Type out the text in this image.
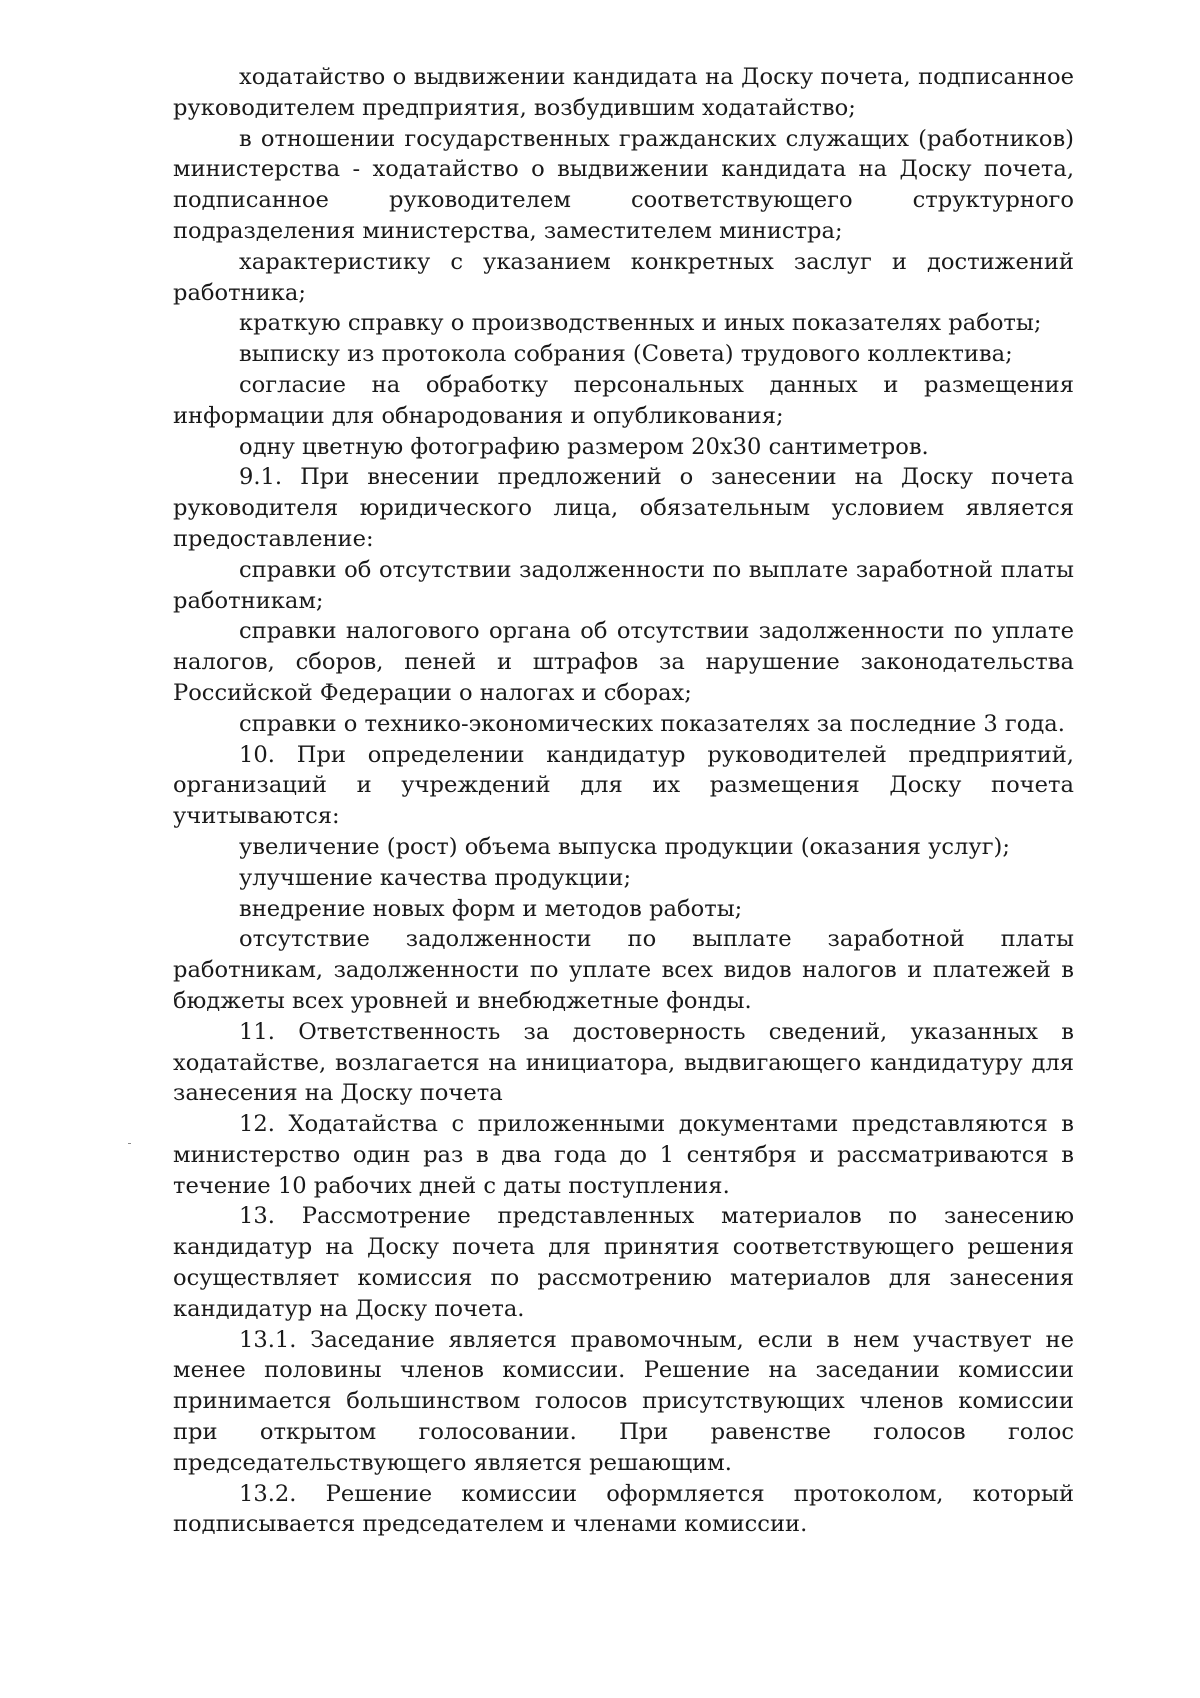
ходатайство о выдвижении кандидата на Доску почета, подписанное руководителем предприятия, возбудившим ходатайство;

в отношении государственных гражданских служащих (работников) министерства - ходатайство о выдвижении кандидата на Доску почета, подписанное руководителем соответствующего структурного подразделения министерства, заместителем министра;

характеристику с указанием конкретных заслуг и достижений работника;

краткую справку о производственных и иных показателях работы;

выписку из протокола собрания (Совета) трудового коллектива;

согласие на обработку персональных данных и размещения информации для обнародования и опубликования;

одну цветную фотографию размером 20х30 сантиметров.

9.1. При внесении предложений о занесении на Доску почета руководителя юридического лица, обязательным условием является предоставление:

справки об отсутствии задолженности по выплате заработной платы работникам;

справки налогового органа об отсутствии задолженности по уплате налогов, сборов, пеней и штрафов за нарушение законодательства Российской Федерации о налогах и сборах;

справки о технико-экономических показателях за последние 3 года.

10. При определении кандидатур руководителей предприятий, организаций и учреждений для их размещения Доску почета учитываются:

увеличение (рост) объема выпуска продукции (оказания услуг);

улучшение качества продукции;

внедрение новых форм и методов работы;

отсутствие задолженности по выплате заработной платы работникам, задолженности по уплате всех видов налогов и платежей в бюджеты всех уровней и внебюджетные фонды.

11. Ответственность за достоверность сведений, указанных в ходатайстве, возлагается на инициатора, выдвигающего кандидатуру для занесения на Доску почета

12. Ходатайства с приложенными документами представляются в министерство один раз в два года до 1 сентября и рассматриваются в течение 10 рабочих дней с даты поступления.

13. Рассмотрение представленных материалов по занесению кандидатур на Доску почета для принятия соответствующего решения осуществляет комиссия по рассмотрению материалов для занесения кандидатур на Доску почета.

13.1. Заседание является правомочным, если в нем участвует не менее половины членов комиссии. Решение на заседании комиссии принимается большинством голосов присутствующих членов комиссии при открытом голосовании. При равенстве голосов голос председательствующего является решающим.

13.2. Решение комиссии оформляется протоколом, который подписывается председателем и членами комиссии.
